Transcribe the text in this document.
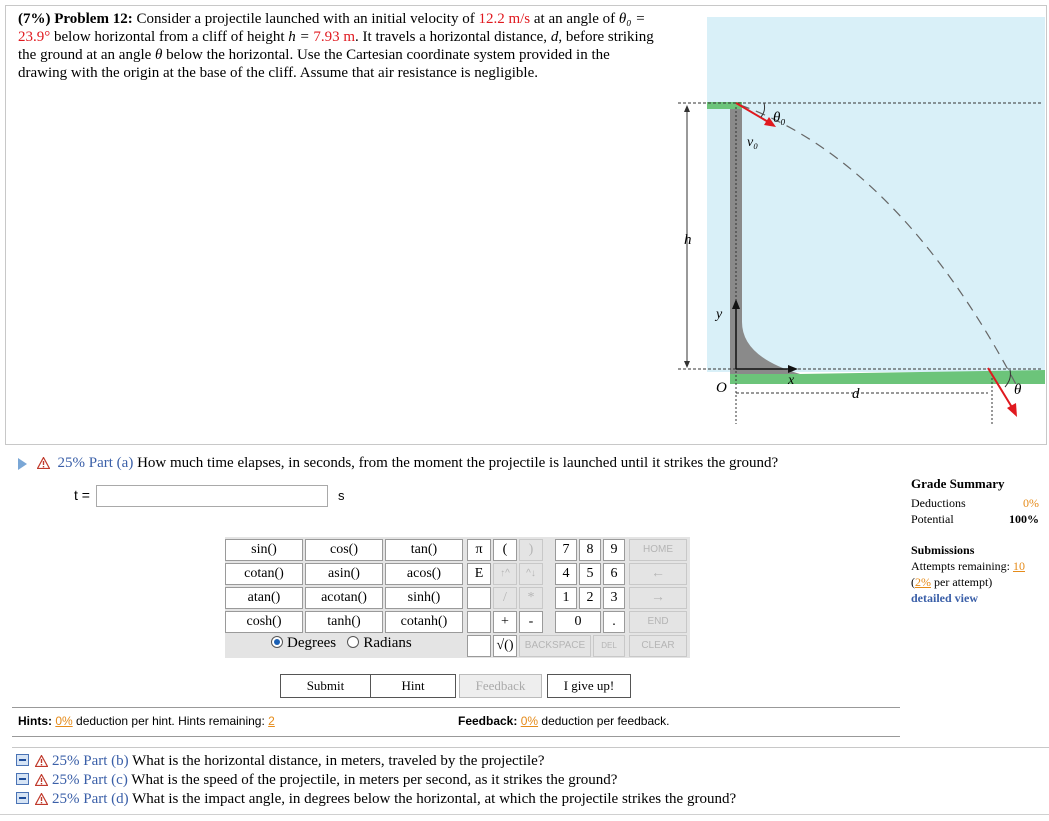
(7%) Problem 12: Consider a projectile launched with an initial velocity of 12.2 m/s at an angle of θ₀ = 23.9° below horizontal from a cliff of height h = 7.93 m. It travels a horizontal distance, d, before striking the ground at an angle θ below the horizontal. Use the Cartesian coordinate system provided in the drawing with the origin at the base of the cliff. Assume that air resistance is negligible.
h
θ₀
v₀
y
x
O	d	θ
25% Part (a) How much time elapses, in seconds, from the moment the projectile is launched until it strikes the ground?
t =	s
sin()	cos()	tan()
cotan()	asin()	acos()
atan()	acotan()	sinh()
cosh()	tanh()	cotanh()
Degrees Radians
π	(	)
E	↑^	^↓
/	*
+	-
√()
7	8	9
4	5	6
1	2	3
0	.
HOME
←
→
END
BACKSPACE	DEL	CLEAR
Submit	Hint	Feedback	I give up!
Hints: 0% deduction per hint. Hints remaining: 2	Feedback: 0% deduction per feedback.
Grade Summary
Deductions	0%
Potential	100%
Submissions
Attempts remaining: 10
(2% per attempt)
detailed view
25% Part (b) What is the horizontal distance, in meters, traveled by the projectile?
25% Part (c) What is the speed of the projectile, in meters per second, as it strikes the ground?
25% Part (d) What is the impact angle, in degrees below the horizontal, at which the projectile strikes the ground?
